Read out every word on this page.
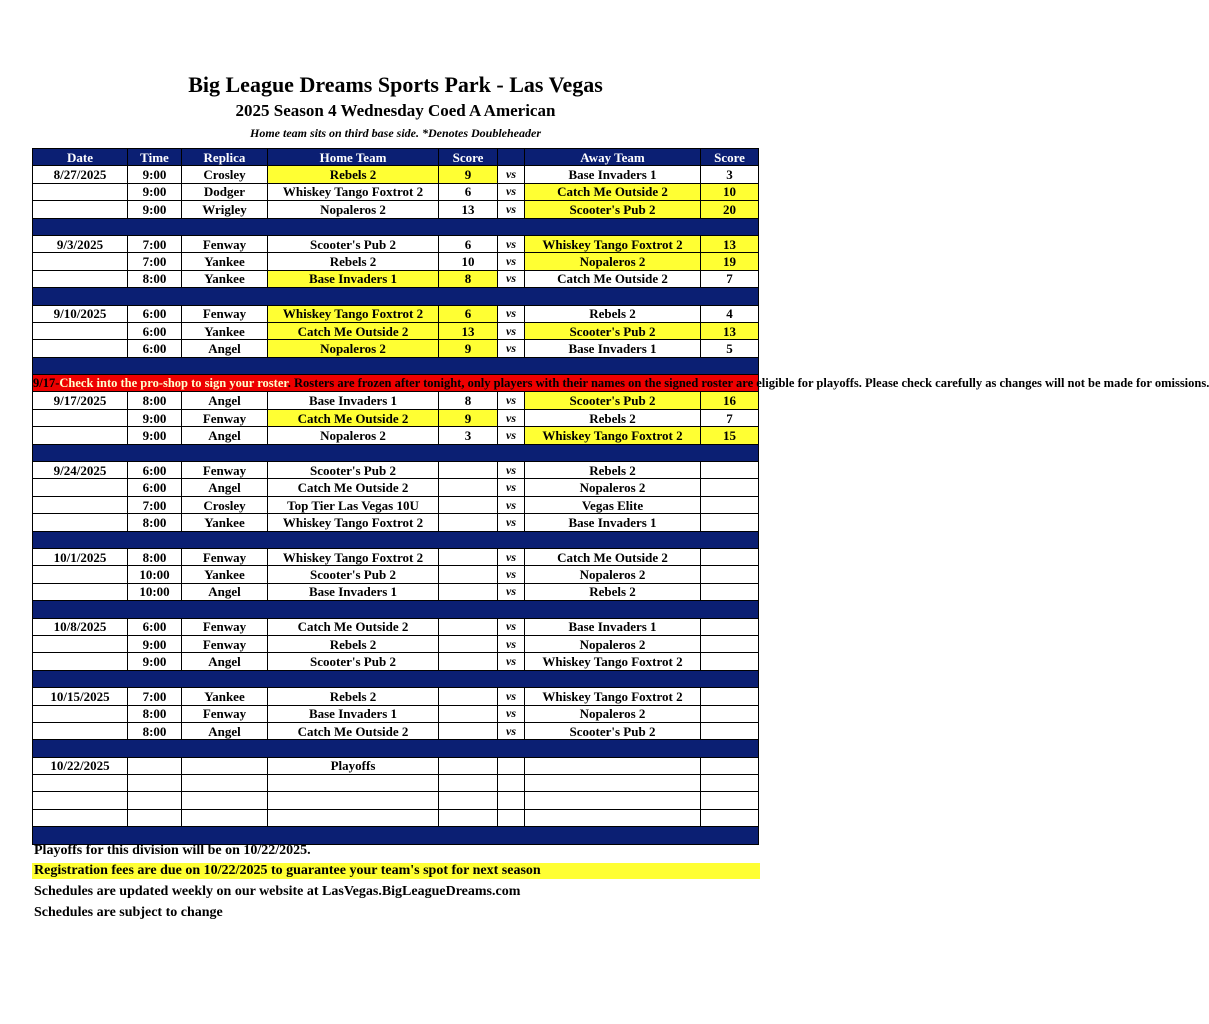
Big League Dreams Sports Park - Las Vegas
2025 Season 4 Wednesday Coed A American
Home team sits on third base side. *Denotes Doubleheader
Date	Time	Replica	Home Team	Score		Away Team	Score
8/27/2025	9:00	Crosley	Rebels 2	9	vs	Base Invaders 1	3
	9:00	Dodger	Whiskey Tango Foxtrot 2	6	vs	Catch Me Outside 2	10
	9:00	Wrigley	Nopaleros 2	13	vs	Scooter's Pub 2	20

9/3/2025	7:00	Fenway	Scooter's Pub 2	6	vs	Whiskey Tango Foxtrot 2	13
	7:00	Yankee	Rebels 2	10	vs	Nopaleros 2	19
	8:00	Yankee	Base Invaders 1	8	vs	Catch Me Outside 2	7

9/10/2025	6:00	Fenway	Whiskey Tango Foxtrot 2	6	vs	Rebels 2	4
	6:00	Yankee	Catch Me Outside 2	13	vs	Scooter's Pub 2	13
	6:00	Angel	Nopaleros 2	9	vs	Base Invaders 1	5

9/17-Check into the pro-shop to sign your roster. Rosters are frozen after tonight, only players with their names on the signed roster are eligible for playoffs. Please check carefully as changes will not be made for omissions.							
9/17/2025	8:00	Angel	Base Invaders 1	8	vs	Scooter's Pub 2	16
	9:00	Fenway	Catch Me Outside 2	9	vs	Rebels 2	7
	9:00	Angel	Nopaleros 2	3	vs	Whiskey Tango Foxtrot 2	15

9/24/2025	6:00	Fenway	Scooter's Pub 2		vs	Rebels 2	
	6:00	Angel	Catch Me Outside 2		vs	Nopaleros 2	
	7:00	Crosley	Top Tier Las Vegas 10U		vs	Vegas Elite	
	8:00	Yankee	Whiskey Tango Foxtrot 2		vs	Base Invaders 1	

10/1/2025	8:00	Fenway	Whiskey Tango Foxtrot 2		vs	Catch Me Outside 2	
	10:00	Yankee	Scooter's Pub 2		vs	Nopaleros 2	
	10:00	Angel	Base Invaders 1		vs	Rebels 2	

10/8/2025	6:00	Fenway	Catch Me Outside 2		vs	Base Invaders 1	
	9:00	Fenway	Rebels 2		vs	Nopaleros 2	
	9:00	Angel	Scooter's Pub 2		vs	Whiskey Tango Foxtrot 2	

10/15/2025	7:00	Yankee	Rebels 2		vs	Whiskey Tango Foxtrot 2	
	8:00	Fenway	Base Invaders 1		vs	Nopaleros 2	
	8:00	Angel	Catch Me Outside 2		vs	Scooter's Pub 2	

10/22/2025			Playoffs				

Playoffs for this division will be on 10/22/2025.
Registration fees are due on 10/22/2025 to guarantee your team's spot for next season
Schedules are updated weekly on our website at LasVegas.BigLeagueDreams.com
Schedules are subject to change
